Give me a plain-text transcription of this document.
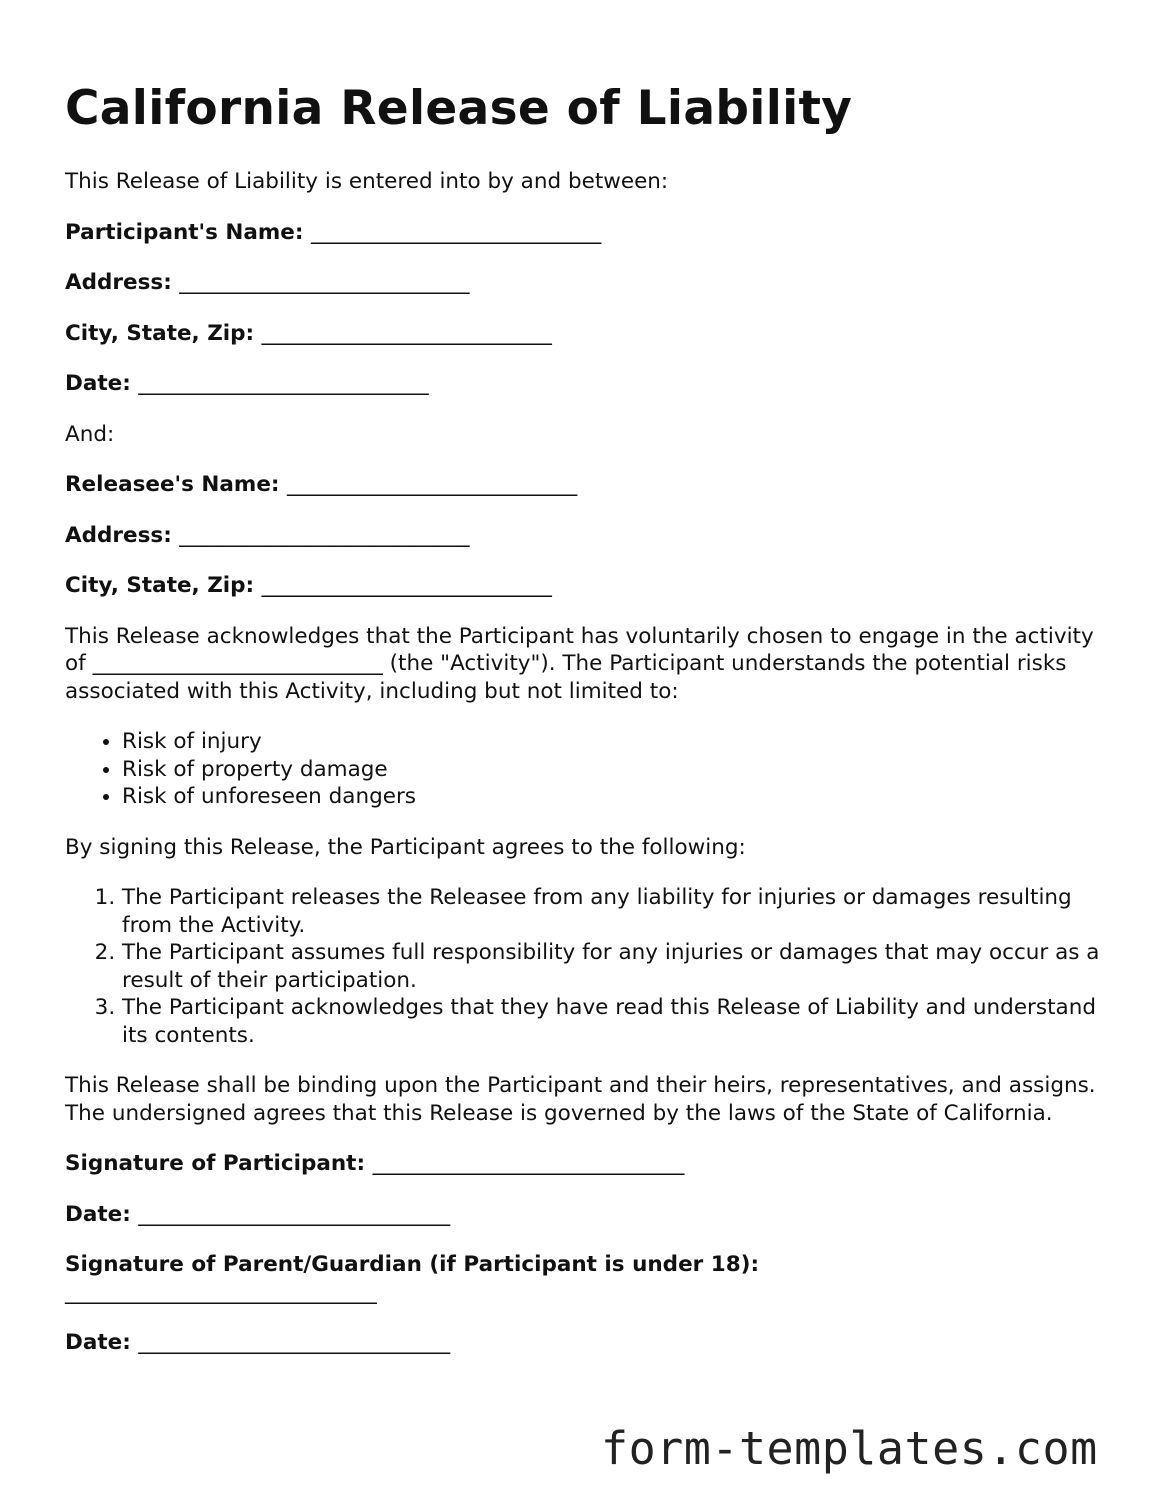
California Release of Liability

This Release of Liability is entered into by and between:

Participant's Name: ___________________________

Address: ___________________________

City, State, Zip: ___________________________

Date: ___________________________

And:

Releasee's Name: ___________________________

Address: ___________________________

City, State, Zip: ___________________________

This Release acknowledges that the Participant has voluntarily chosen to engage in the activity of ___________________________ (the "Activity"). The Participant understands the potential risks associated with this Activity, including but not limited to:

• Risk of injury
• Risk of property damage
• Risk of unforeseen dangers

By signing this Release, the Participant agrees to the following:

1. The Participant releases the Releasee from any liability for injuries or damages resulting from the Activity.
2. The Participant assumes full responsibility for any injuries or damages that may occur as a result of their participation.
3. The Participant acknowledges that they have read this Release of Liability and understand its contents.

This Release shall be binding upon the Participant and their heirs, representatives, and assigns. The undersigned agrees that this Release is governed by the laws of the State of California.

Signature of Participant: _____________________________

Date: _____________________________

Signature of Parent/Guardian (if Participant is under 18):
_____________________________

Date: _____________________________

form-templates.com
